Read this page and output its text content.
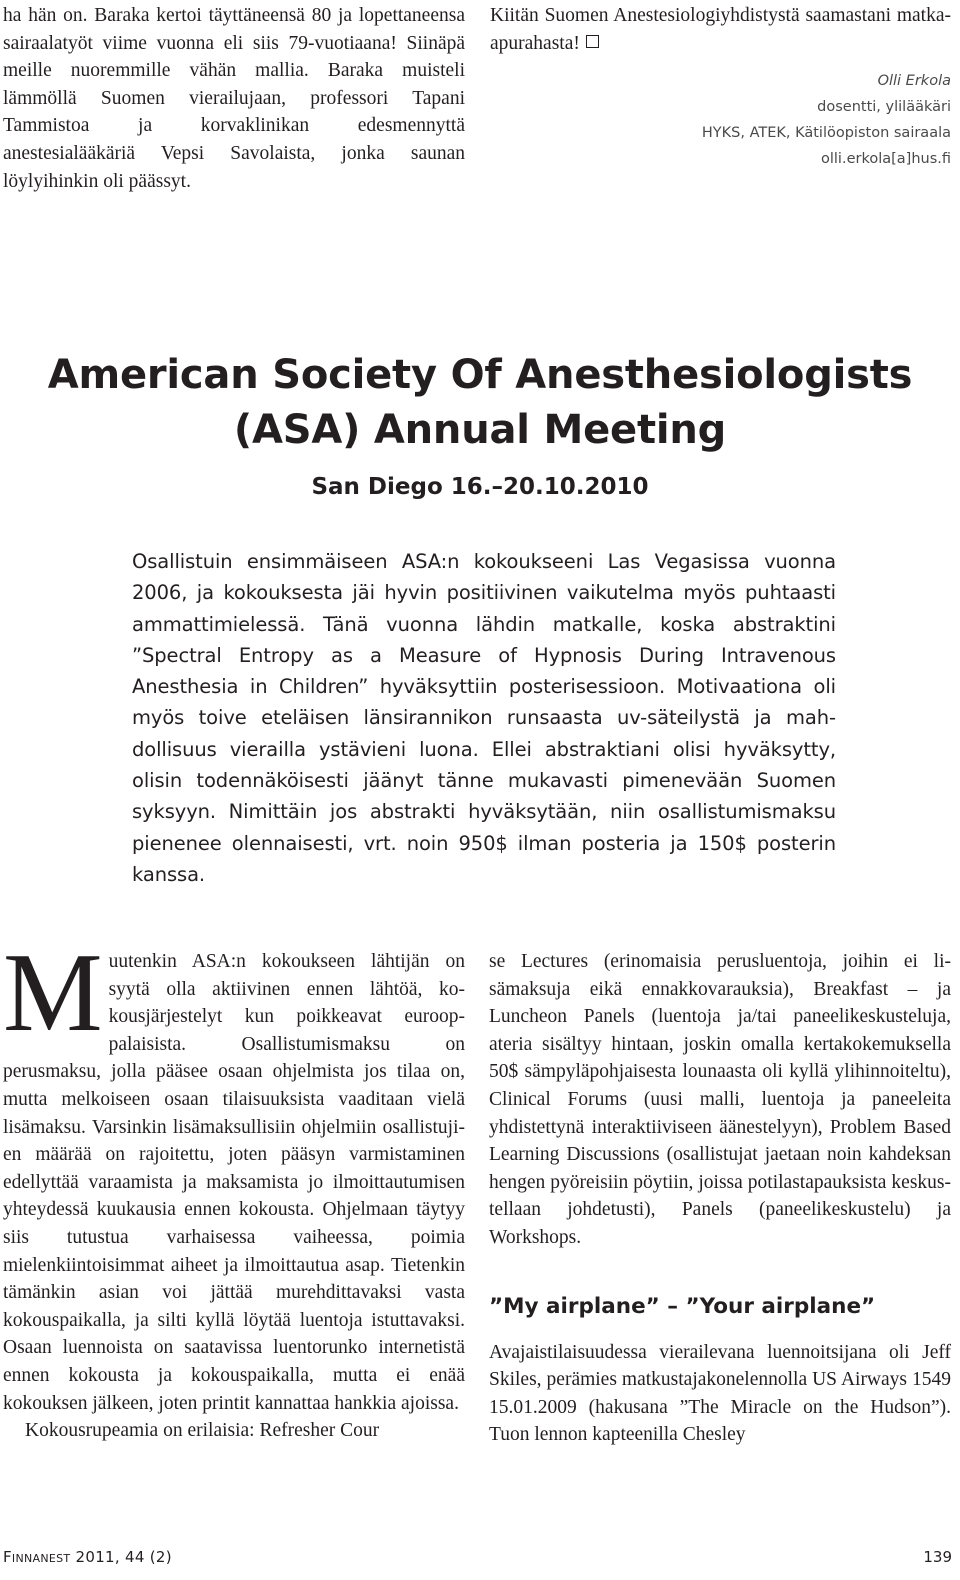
ha hän on. Baraka kertoi täyttäneensä 80 ja lopettaneensa sairaalatyöt viime vuonna eli siis 79-vuotiaana! Siinäpä meille nuoremmille vähän mallia. Baraka muisteli lämmöllä Suomen vierailujaan, professori Tapani Tammistoa ja korvaklinikan edesmennyttä anestesialääkäriä Vepsi Savolaista, jonka saunan löylyihinkin oli päässyt.

Kiitän Suomen Anestesiologiyhdistystä saamastani matka-apurahasta!

Olli Erkola
dosentti, ylilääkäri
HYKS, ATEK, Kätilöopiston sairaala
olli.erkola[a]hus.fi
American Society Of Anesthesiologists
(ASA) Annual Meeting
San Diego 16.–20.10.2010
Osallistuin ensimmäiseen ASA:n kokoukseeni Las Vegasissa vuonna 2006, ja kokouksesta jäi hyvin positiivinen vaikutelma myös puhtaasti ammattimielessä. Tänä vuonna lähdin matkalle, koska abstraktini ”Spectral Entropy as a Measure of Hypnosis During Intravenous Anesthesia in Children” hyväksyttiin posterisessioon. Motivaationa oli myös toive eteläisen länsirannikon runsaasta uv-säteilystä ja mahdollisuus vierailla ystävieni luona. Ellei abstraktiani olisi hyväksytty, olisin todennäköisesti jäänyt tänne mukavasti pimenevään Suomen syksyyn. Nimittäin jos abstrakti hyväksytään, niin osallistumismaksu pienenee olennaisesti, vrt. noin 950$ ilman posteria ja 150$ posterin kanssa.

Muutenkin ASA:n kokoukseen lähtijän on syytä olla aktiivinen ennen lähtöä, kokousjärjestelyt kun poikkeavat eurooppalaisista. Osallistumismaksu on perusmaksu, jolla pääsee osaan ohjelmista jos tilaa on, mutta melkoiseen osaan tilaisuuksista vaaditaan vielä lisämaksu. Varsinkin lisämaksullisiin ohjelmiin osallistujien määrää on rajoitettu, joten pääsyn varmistaminen edellyttää varaamista ja maksamista jo ilmoittautumisen yhteydessä kuukausia ennen kokousta. Ohjelmaan täytyy siis tutustua varhaisessa vaiheessa, poimia mielenkiintoisimmat aiheet ja ilmoittautua asap. Tietenkin tämänkin asian voi jättää murehdittavaksi vasta kokouspaikalla, ja silti kyllä löytää luentoja istuttavaksi. Osaan luennoista on saatavissa luentorunko internetistä ennen kokousta ja kokouspaikalla, mutta ei enää kokouksen jälkeen, joten printit kannattaa hankkia ajoissa.

Kokousrupeamia on erilaisia: Refresher Cour

se Lectures (erinomaisia perusluentoja, joihin ei lisämaksuja eikä ennakkovarauksia), Breakfast – ja Luncheon Panels (luentoja ja/tai paneelikeskusteluja, ateria sisältyy hintaan, joskin omalla kertakokemuksella 50$ sämpyläpohjaisesta lounaasta oli kyllä ylihinnoiteltu), Clinical Forums (uusi malli, luentoja ja paneeleita yhdistettynä interaktiiviseen äänestelyyn), Problem Based Learning Discussions (osallistujat jaetaan noin kahdeksan hengen pyöreisiin pöytiin, joissa potilastapauksista keskustellaan johdetusti), Panels (paneelikeskustelu) ja Workshops.

”My airplane” – ”Your airplane”

Avajaistilaisuudessa vierailevana luennoitsijana oli Jeff Skiles, perämies matkustajakonelennolla US Airways 1549 15.01.2009 (hakusana ”The Miracle on the Hudson”). Tuon lennon kapteenilla Chesley

Finnanest 2011, 44 (2)	139
